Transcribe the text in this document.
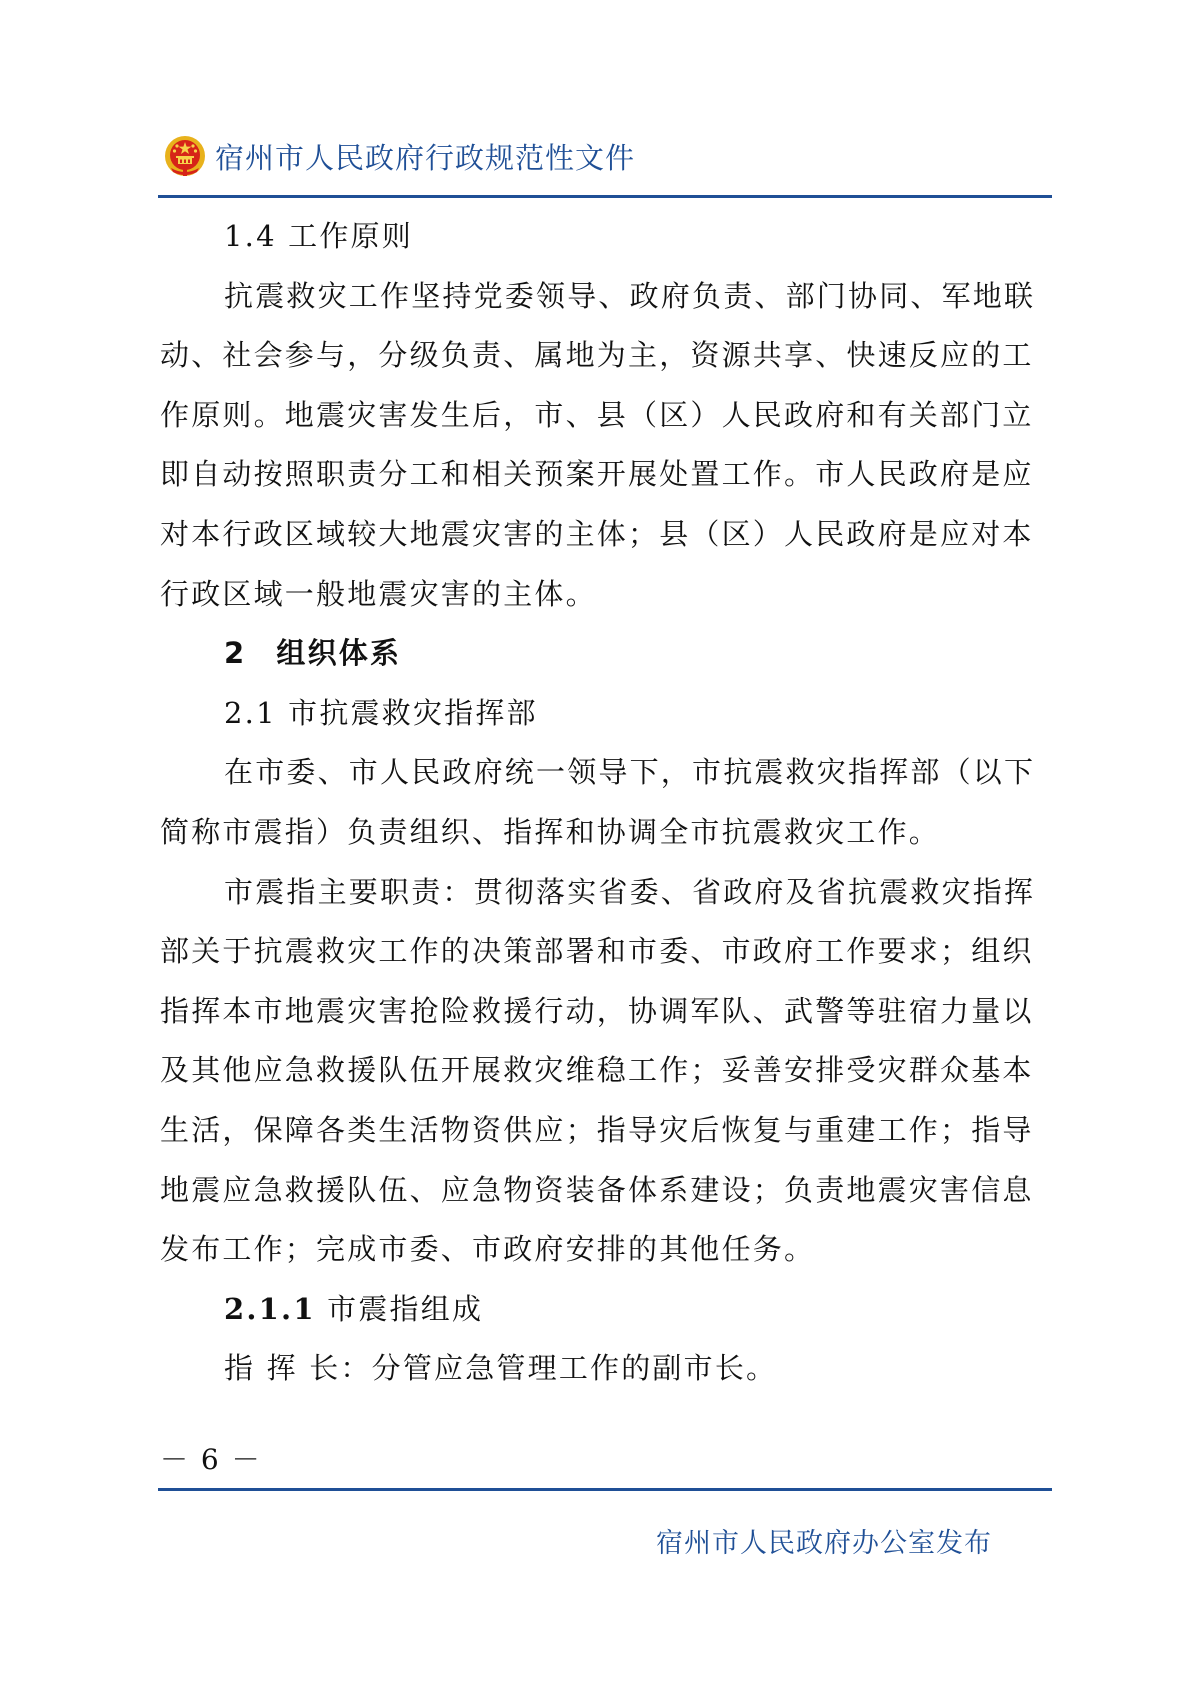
宿州市人民政府行政规范性文件
1.4 工作原则
抗震救灾工作坚持党委领导、政府负责、部门协同、军地联
动、社会参与，分级负责、属地为主，资源共享、快速反应的工
作原则。地震灾害发生后，市、县（区）人民政府和有关部门立
即自动按照职责分工和相关预案开展处置工作。市人民政府是应
对本行政区域较大地震灾害的主体；县（区）人民政府是应对本
行政区域一般地震灾害的主体。
2 组织体系
2.1 市抗震救灾指挥部
在市委、市人民政府统一领导下，市抗震救灾指挥部（以下
简称市震指）负责组织、指挥和协调全市抗震救灾工作。
市震指主要职责：贯彻落实省委、省政府及省抗震救灾指挥
部关于抗震救灾工作的决策部署和市委、市政府工作要求；组织
指挥本市地震灾害抢险救援行动，协调军队、武警等驻宿力量以
及其他应急救援队伍开展救灾维稳工作；妥善安排受灾群众基本
生活，保障各类生活物资供应；指导灾后恢复与重建工作；指导
地震应急救援队伍、应急物资装备体系建设；负责地震灾害信息
发布工作；完成市委、市政府安排的其他任务。
2.1.1 市震指组成
指 挥 长：分管应急管理工作的副市长。
－ 6 －
宿州市人民政府办公室发布
